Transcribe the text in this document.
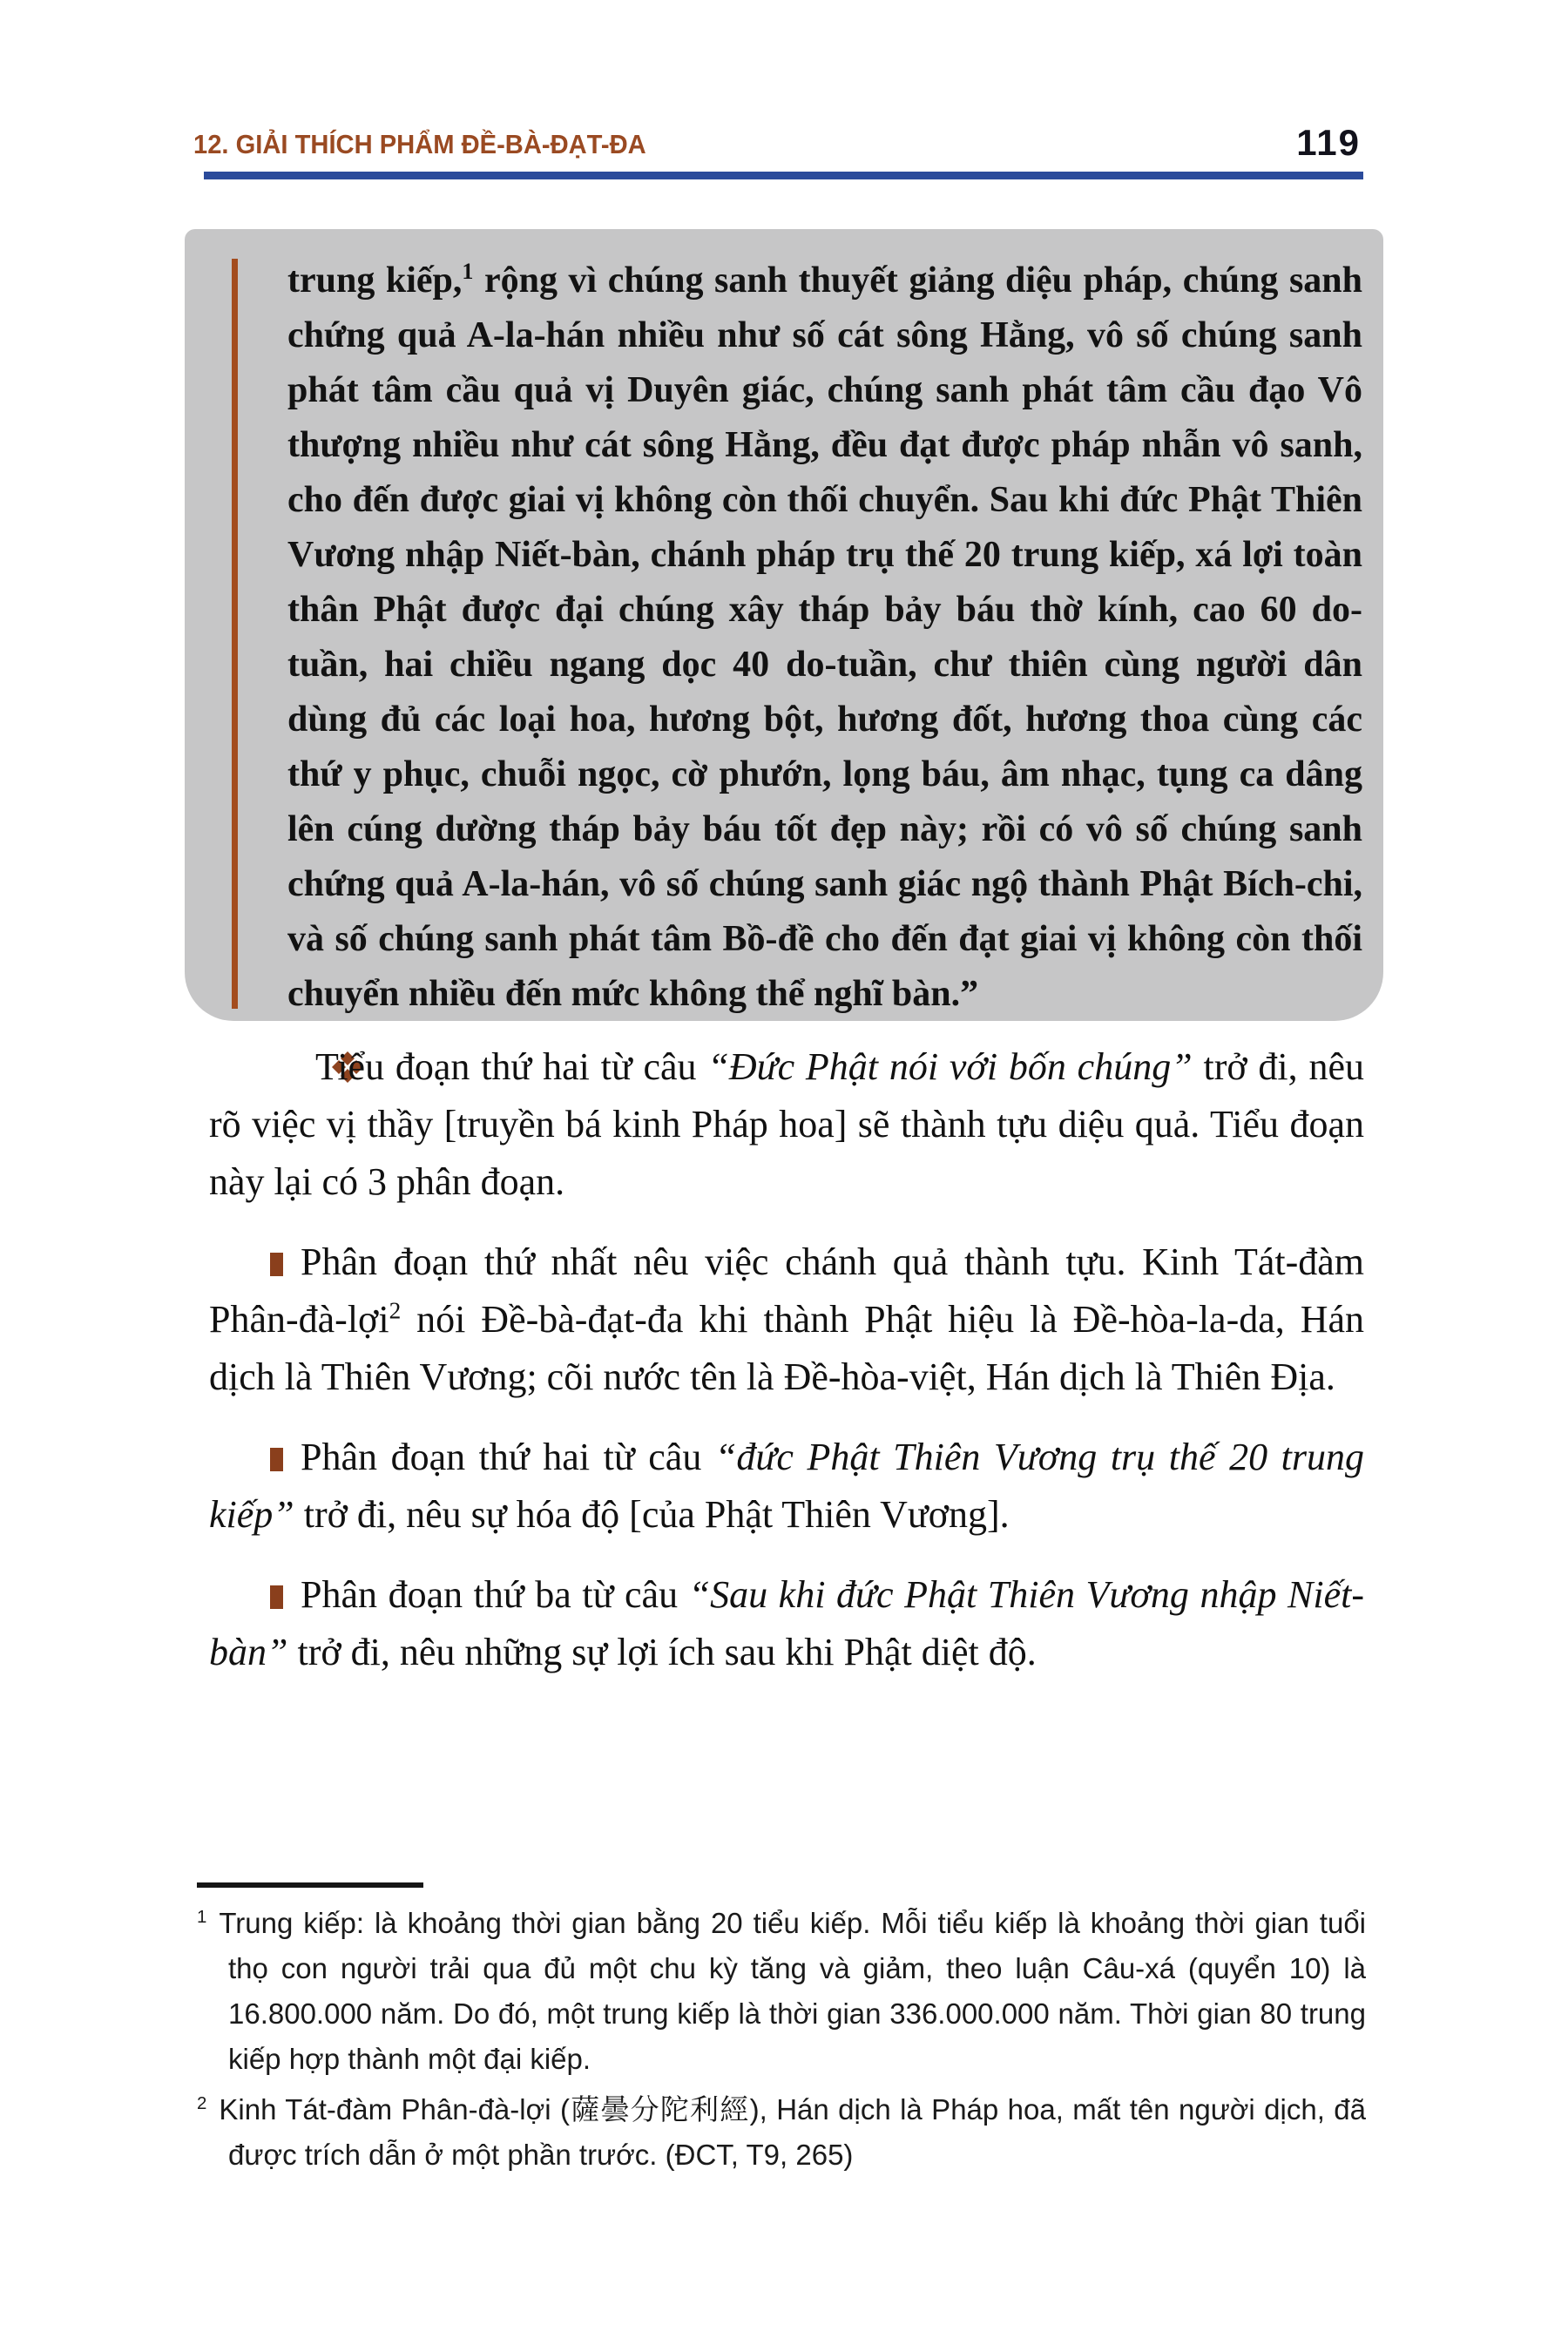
12. GIẢI THÍCH PHẨM ĐỀ-BÀ-ĐẠT-ĐA	119
trung kiếp,$^1$ rộng vì chúng sanh thuyết giảng diệu pháp, chúng sanh chứng quả A-la-hán nhiều như số cát sông Hằng, vô số chúng sanh phát tâm cầu quả vị Duyên giác, chúng sanh phát tâm cầu đạo Vô thượng nhiều như cát sông Hằng, đều đạt được pháp nhẫn vô sanh, cho đến được giai vị không còn thối chuyển. Sau khi đức Phật Thiên Vương nhập Niết-bàn, chánh pháp trụ thế 20 trung kiếp, xá lợi toàn thân Phật được đại chúng xây tháp bảy báu thờ kính, cao 60 do-tuần, hai chiều ngang dọc 40 do-tuần, chư thiên cùng người dân dùng đủ các loại hoa, hương bột, hương đốt, hương thoa cùng các thứ y phục, chuỗi ngọc, cờ phướn, lọng báu, âm nhạc, tụng ca dâng lên cúng dường tháp bảy báu tốt đẹp này; rồi có vô số chúng sanh chứng quả A-la-hán, vô số chúng sanh giác ngộ thành Phật Bích-chi, và số chúng sanh phát tâm Bồ-đề cho đến đạt giai vị không còn thối chuyển nhiều đến mức không thể nghĩ bàn.”

Tiểu đoạn thứ hai từ câu “Đức Phật nói với bốn chúng” trở đi, nêu rõ việc vị thầy [truyền bá kinh Pháp hoa] sẽ thành tựu diệu quả. Tiểu đoạn này lại có 3 phân đoạn.

Phân đoạn thứ nhất nêu việc chánh quả thành tựu. Kinh Tát-đàm Phân-đà-lợi$^2$ nói Đề-bà-đạt-đa khi thành Phật hiệu là Đề-hòa-la-da, Hán dịch là Thiên Vương; cõi nước tên là Đề-hòa-việt, Hán dịch là Thiên Địa.

Phân đoạn thứ hai từ câu “đức Phật Thiên Vương trụ thế 20 trung kiếp” trở đi, nêu sự hóa độ [của Phật Thiên Vương].

Phân đoạn thứ ba từ câu “Sau khi đức Phật Thiên Vương nhập Niết-bàn” trở đi, nêu những sự lợi ích sau khi Phật diệt độ.

$^1$ Trung kiếp: là khoảng thời gian bằng 20 tiểu kiếp. Mỗi tiểu kiếp là khoảng thời gian tuổi thọ con người trải qua đủ một chu kỳ tăng và giảm, theo luận Câu-xá (quyển 10) là 16.800.000 năm. Do đó, một trung kiếp là thời gian 336.000.000 năm. Thời gian 80 trung kiếp hợp thành một đại kiếp.

$^2$ Kinh Tát-đàm Phân-đà-lợi (薩曇分陀利經), Hán dịch là Pháp hoa, mất tên người dịch, đã được trích dẫn ở một phần trước. (ĐCT, T9, 265)
